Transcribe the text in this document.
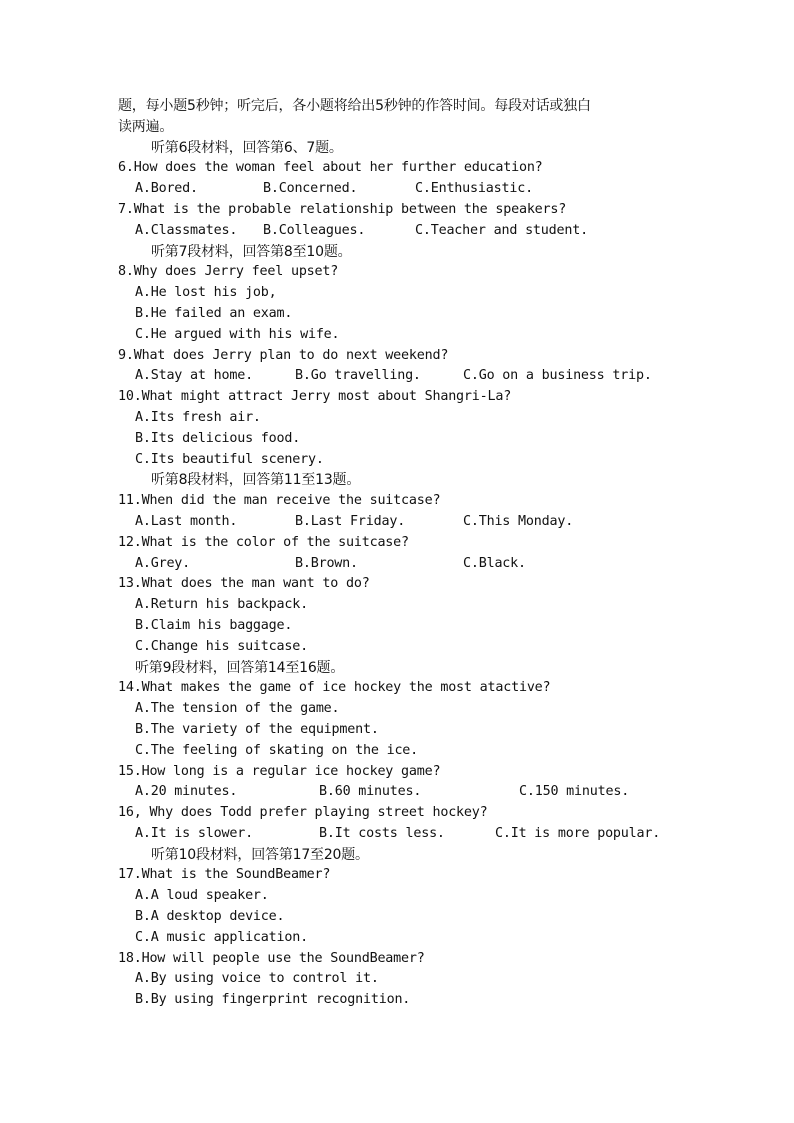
题，每小题5秒钟；听完后，各小题将给出5秒钟的作答时间。每段对话或独白
读两遍。
听第6段材料，回答第6、7题。
6.How does the woman feel about her further education?

A.Bored.

	B.Concerned.

	C.Enthusiastic.

7.What is the probable relationship between the speakers?

A.Classmates.

B.Colleagues.

	C.Teacher and student.

听第7段材料，回答第8至10题。
8.Why does Jerry feel upset?
A.He lost his job,
B.He failed an exam.
C.He argued with his wife.
9.What does Jerry plan to do next weekend?

A.Stay at home.

	B.Go travelling.

	C.Go on a business trip.

10.What might attract Jerry most about Shangri-La?
A.Its fresh air.
B.Its delicious food.
C.Its beautiful scenery.
听第8段材料，回答第11至13题。
11.When did the man receive the suitcase?

A.Last month.

	B.Last Friday.

	C.This Monday.

12.What is the color of the suitcase?

A.Grey.

	B.Brown.

	C.Black.

13.What does the man want to do?
A.Return his backpack.
B.Claim his baggage.
C.Change his suitcase.
听第9段材料，回答第14至16题。
14.What makes the game of ice hockey the most atactive?
A.The tension of the game.
B.The variety of the equipment.
C.The feeling of skating on the ice.
15.How long is a regular ice hockey game?

A.20 minutes.

	B.60 minutes.

	C.150 minutes.

16, Why does Todd prefer playing street hockey?

A.It is slower.

	B.It costs less.

	C.It is more popular.

听第10段材料，回答第17至20题。
17.What is the SoundBeamer?
A.A loud speaker.
B.A desktop device.
C.A music application.
18.How will people use the SoundBeamer?
A.By using voice to control it.
B.By using fingerprint recognition.
